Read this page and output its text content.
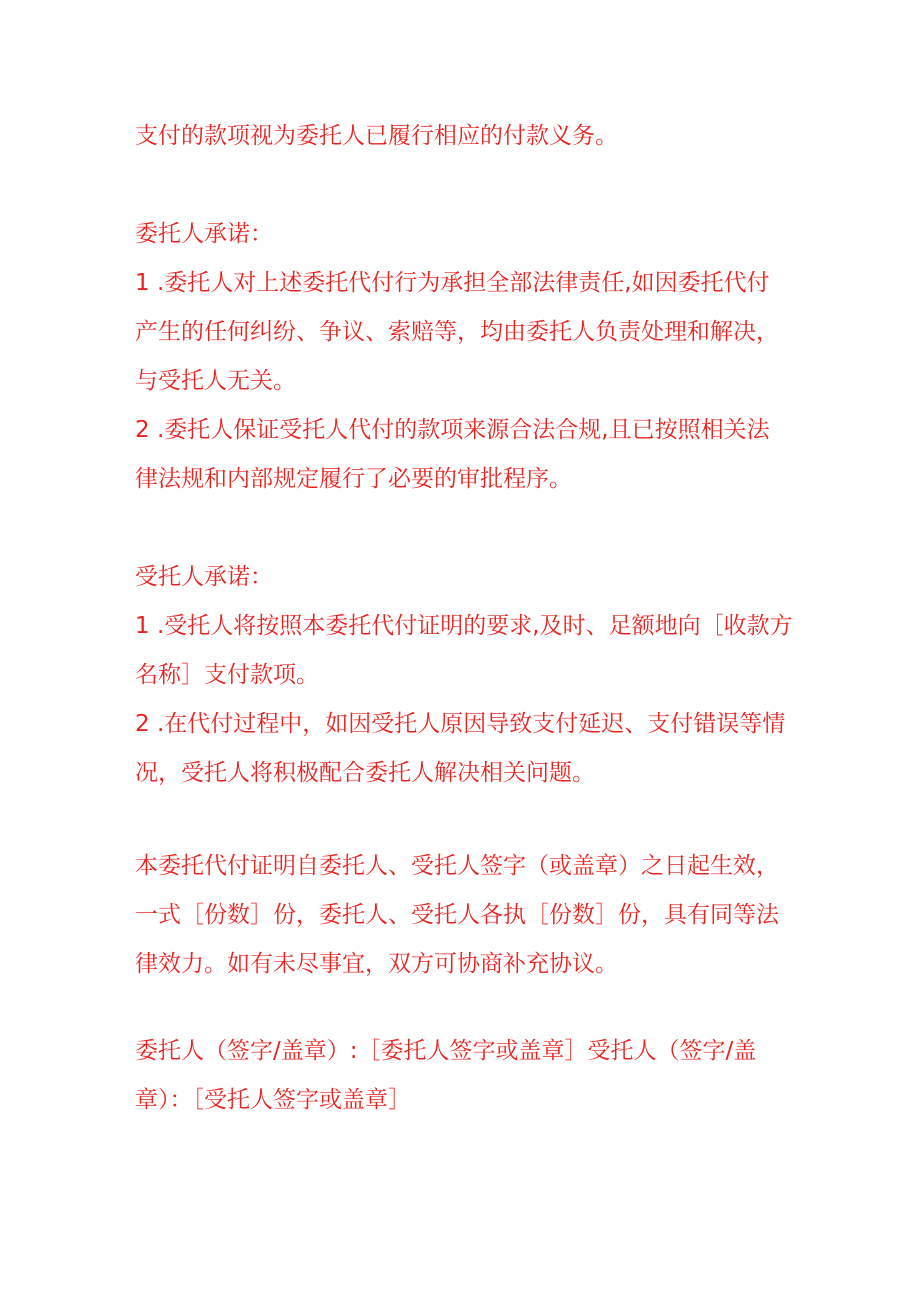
支付的款项视为委托人已履行相应的付款义务。
委托人承诺：
1 .委托人对上述委托代付行为承担全部法律责任,如因委托代付
产生的任何纠纷、争议、索赔等，均由委托人负责处理和解决，
与受托人无关。
2 .委托人保证受托人代付的款项来源合法合规,且已按照相关法
律法规和内部规定履行了必要的审批程序。
受托人承诺：
1 .受托人将按照本委托代付证明的要求,及时、足额地向［收款方
名称］支付款项。
2 .在代付过程中，如因受托人原因导致支付延迟、支付错误等情
况，受托人将积极配合委托人解决相关问题。
本委托代付证明自委托人、受托人签字（或盖章）之日起生效，
一式［份数］份，委托人、受托人各执［份数］份，具有同等法
律效力。如有未尽事宜，双方可协商补充协议。
委托人（签字/盖章）:［委托人签字或盖章］受托人（签字/盖
章）：［受托人签字或盖章］
